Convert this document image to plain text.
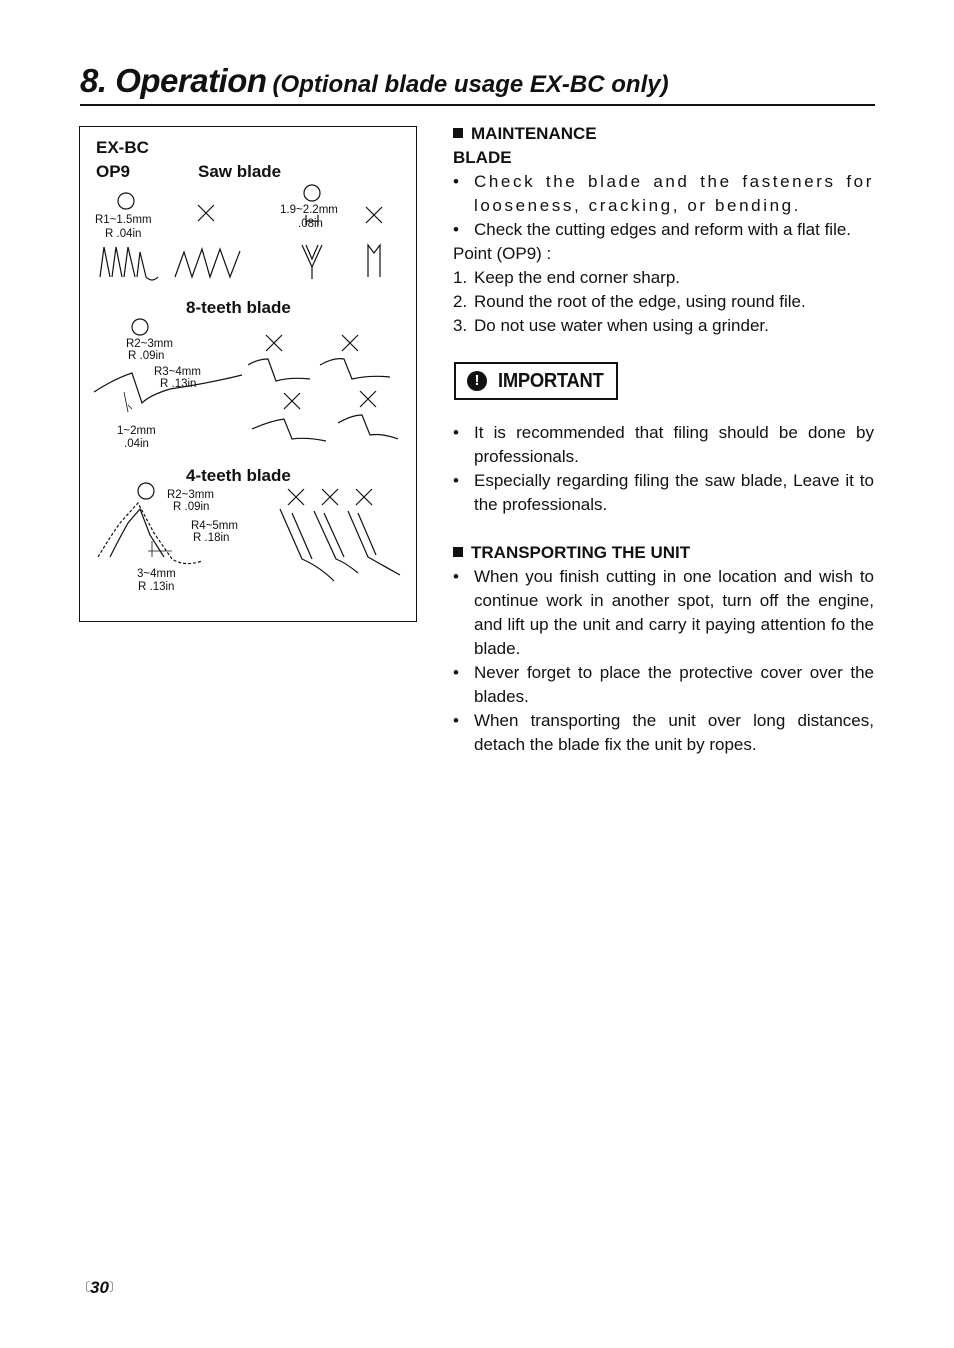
8. Operation (Optional blade usage EX-BC only)
EX-BC
OP9	Saw blade
R1~1.5mm
R .04in
1.9~2.2mm
.08in
8-teeth blade
R2~3mm
R .09in
R3~4mm
R .13in
1~2mm
.04in
4-teeth blade
R2~3mm
R .09in
R4~5mm
R .18in
3~4mm
R .13in

MAINTENANCE

BLADE

• Check the blade and the fasteners for looseness, cracking, or bending.

• Check the cutting edges and reform with a flat file.

Point (OP9) :

1. Keep the end corner sharp.

2. Round the root of the edge, using round file.

3. Do not use water when using a grinder.

! IMPORTANT

• It is recommended that filing should be done by professionals.

• Especially regarding filing the saw blade, Leave it to the professionals.

TRANSPORTING THE UNIT

• When you finish cutting in one location and wish to continue work in another spot, turn off the engine, and lift up the unit and carry it paying attention fo the blade.

• Never forget to place the protective cover over the blades.

• When transporting the unit over long distances, detach the blade fix the unit by ropes.

〔30〕
